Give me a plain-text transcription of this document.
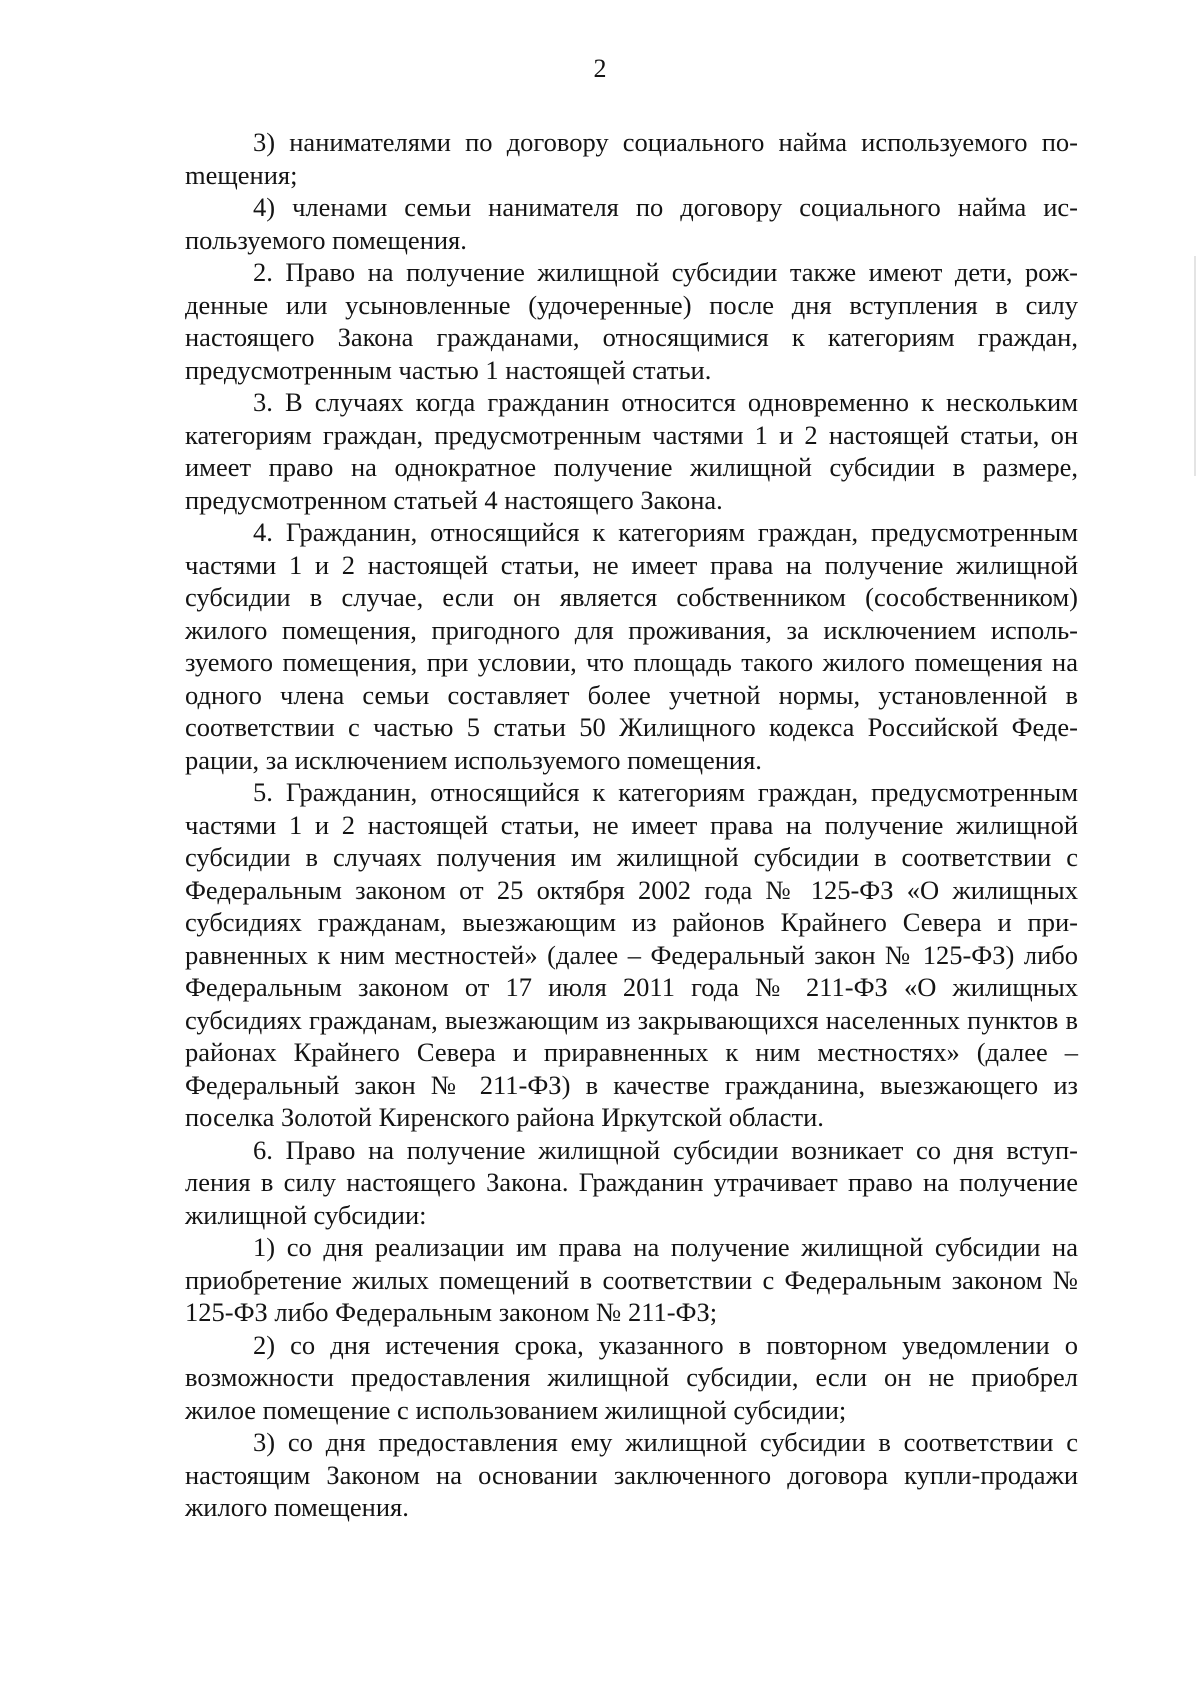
2

3) нанимателями по договору социального найма используемого поmещения;

4) членами семьи нанимателя по договору социального найма используемого помещения.

2. Право на получение жилищной субсидии также имеют дети, рожденные или усыновленные (удочеренные) после дня вступления в силу настоящего Закона гражданами, относящимися к категориям граждан, предусмотренным частью 1 настоящей статьи.

3. В случаях когда гражданин относится одновременно к нескольким категориям граждан, предусмотренным частями 1 и 2 настоящей статьи, он имеет право на однократное получение жилищной субсидии в размере, предусмотренном статьей 4 настоящего Закона.

4. Гражданин, относящийся к категориям граждан, предусмотренным частями 1 и 2 настоящей статьи, не имеет права на получение жилищной субсидии в случае, если он является собственником (сособственником) жилого помещения, пригодного для проживания, за исключением используемого помещения, при условии, что площадь такого жилого помещения на одного члена семьи составляет более учетной нормы, установленной в соответствии с частью 5 статьи 50 Жилищного кодекса Российской Федерации, за исключением используемого помещения.

5. Гражданин, относящийся к категориям граждан, предусмотренным частями 1 и 2 настоящей статьи, не имеет права на получение жилищной субсидии в случаях получения им жилищной субсидии в соответствии с Федеральным законом от 25 октября 2002 года № 125-ФЗ «О жилищных субсидиях гражданам, выезжающим из районов Крайнего Севера и приравненных к ним местностей» (далее – Федеральный закон № 125-ФЗ) либо Федеральным законом от 17 июля 2011 года № 211-ФЗ «О жилищных субсидиях гражданам, выезжающим из закрывающихся населенных пунктов в районах Крайнего Севера и приравненных к ним местностях» (далее – Федеральный закон № 211-ФЗ) в качестве гражданина, выезжающего из поселка Золотой Киренского района Иркутской области.

6. Право на получение жилищной субсидии возникает со дня вступления в силу настоящего Закона. Гражданин утрачивает право на получение жилищной субсидии:

1) со дня реализации им права на получение жилищной субсидии на приобретение жилых помещений в соответствии с Федеральным законом № 125-ФЗ либо Федеральным законом № 211-ФЗ;

2) со дня истечения срока, указанного в повторном уведомлении о возможности предоставления жилищной субсидии, если он не приобрел жилое помещение с использованием жилищной субсидии;

3) со дня предоставления ему жилищной субсидии в соответствии с настоящим Законом на основании заключенного договора купли-продажи жилого помещения.
